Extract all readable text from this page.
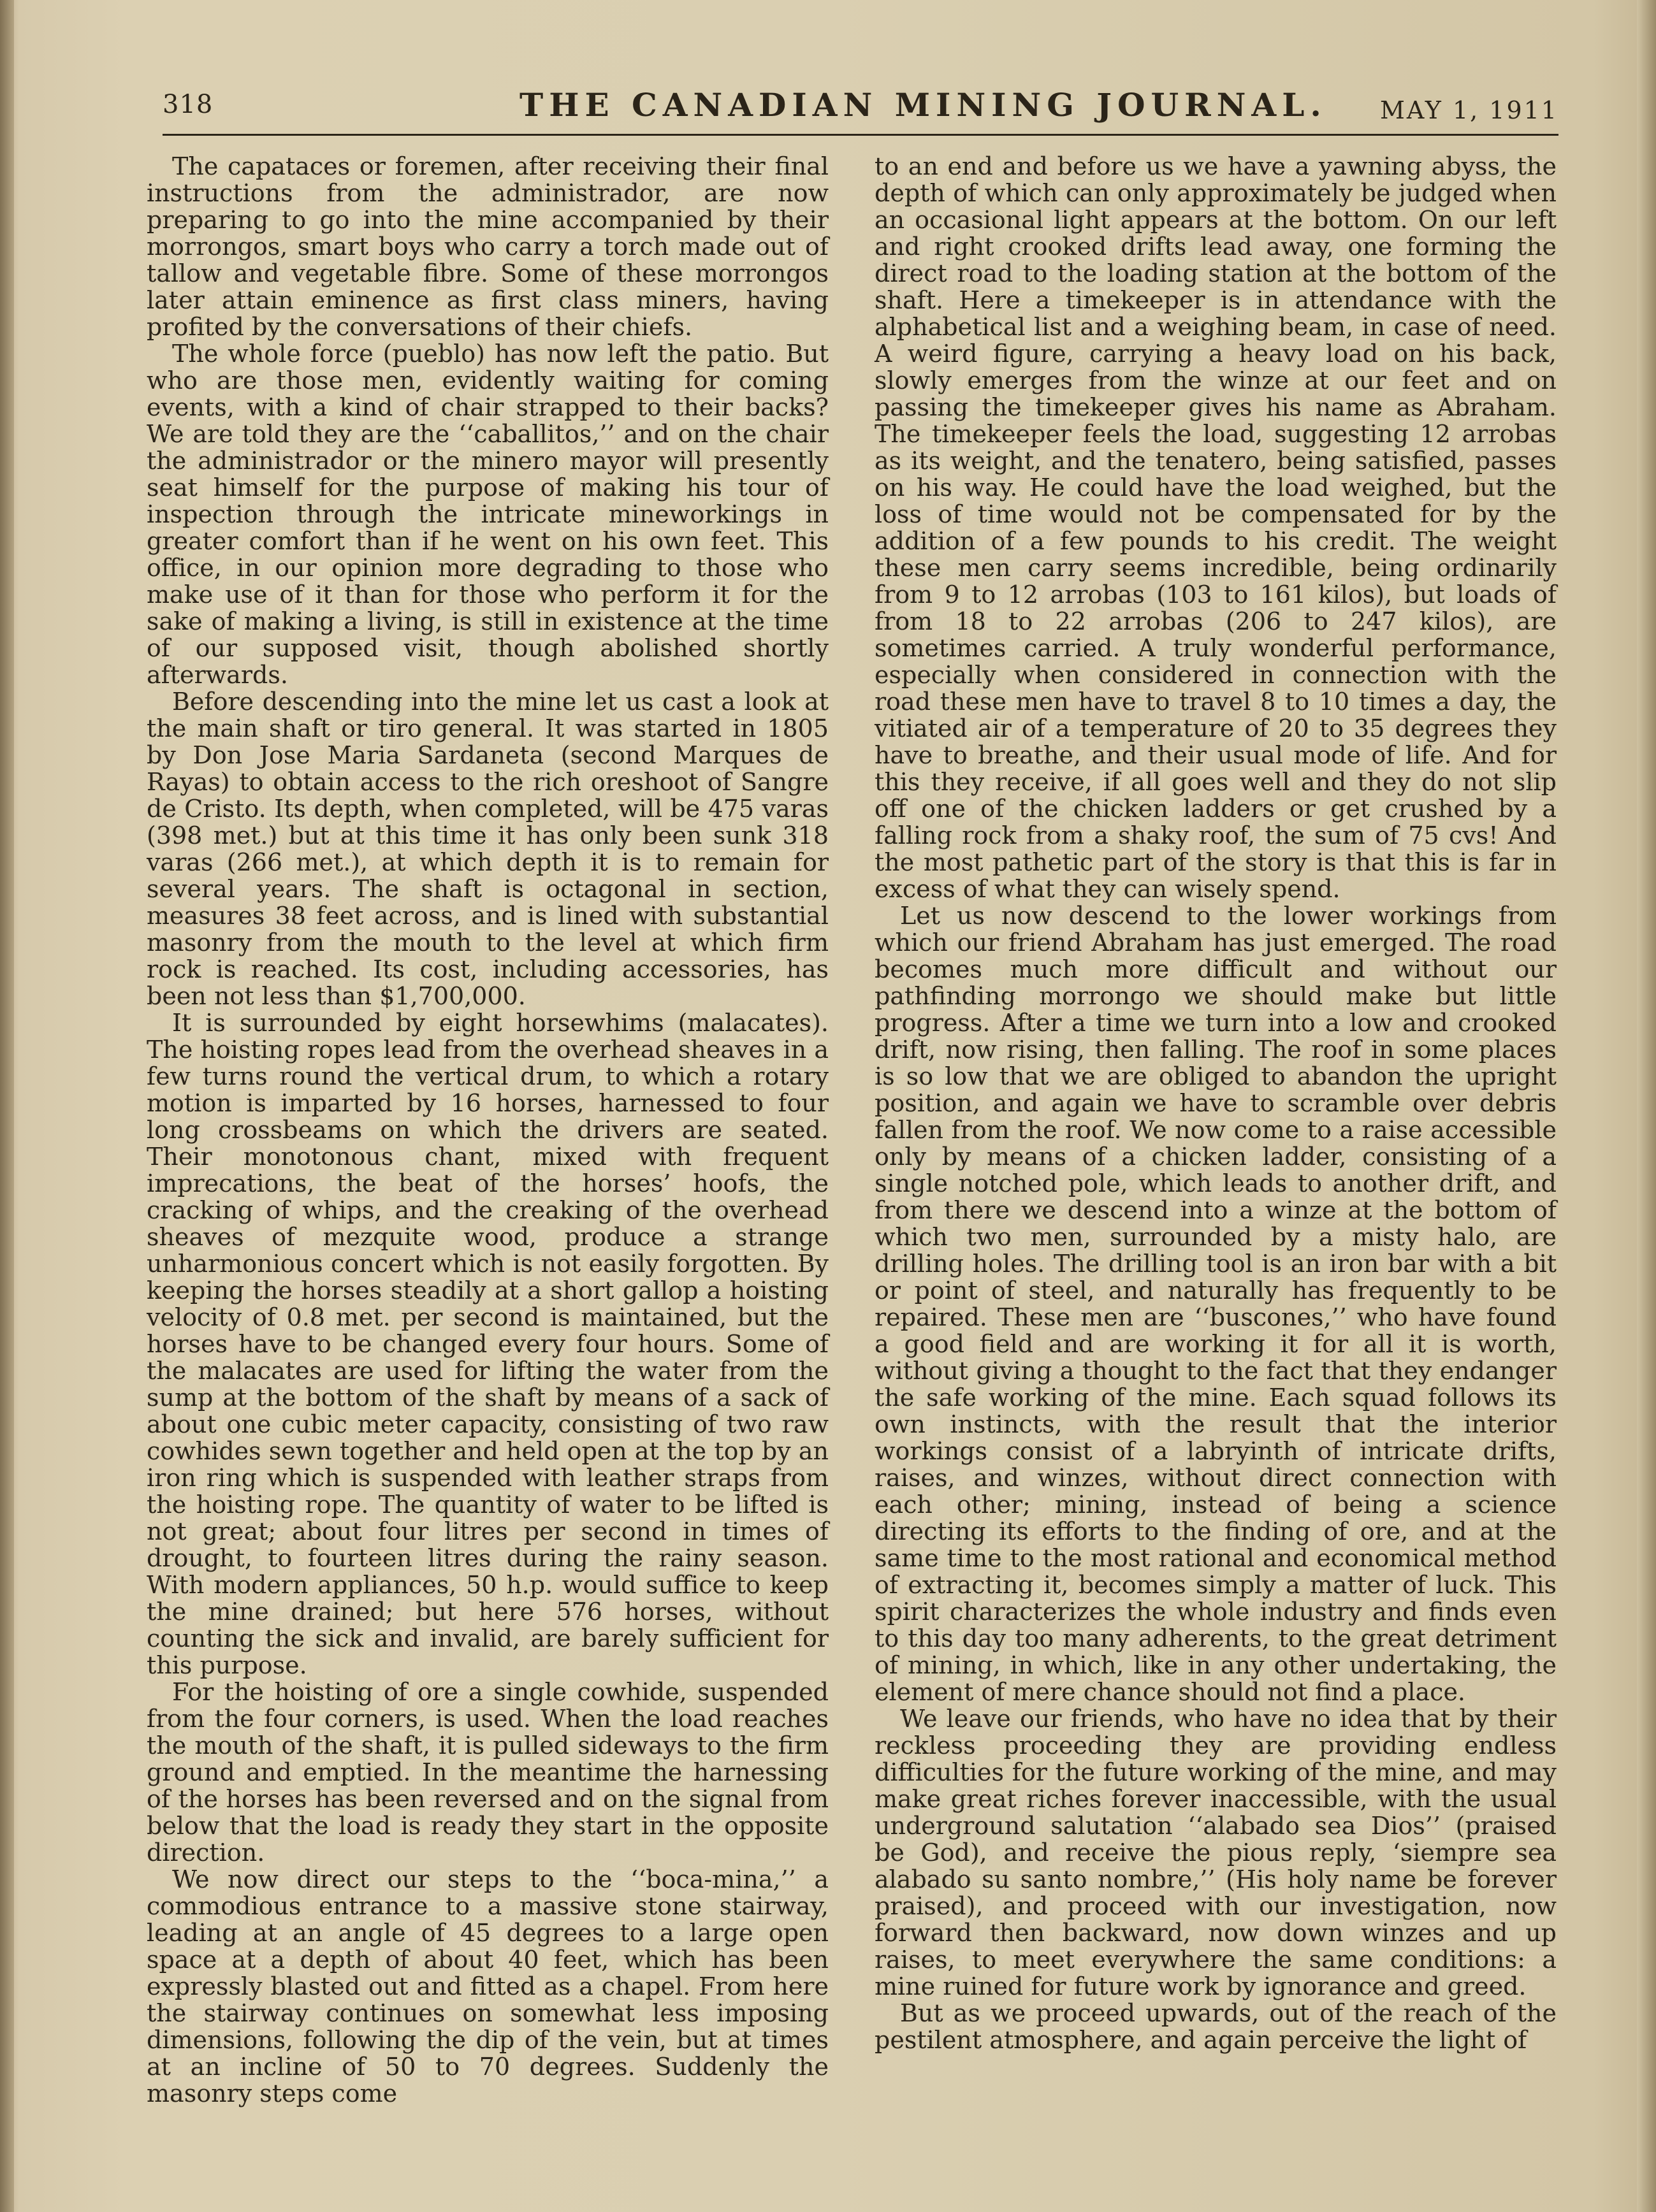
318	THE CANADIAN MINING JOURNAL. MAY 1, 1911

The capataces or foremen, after receiving their final instructions from the administrador, are now preparing to go into the mine accompanied by their morrongos, smart boys who carry a torch made out of tallow and vegetable fibre. Some of these morrongos later attain eminence as first class miners, having profited by the conversations of their chiefs.

The whole force (pueblo) has now left the patio. But who are those men, evidently waiting for coming events, with a kind of chair strapped to their backs? We are told they are the ‘‘caballitos,’’ and on the chair the administrador or the minero mayor will presently seat himself for the purpose of making his tour of inspection through the intricate mineworkings in greater comfort than if he went on his own feet. This office, in our opinion more degrading to those who make use of it than for those who perform it for the sake of making a living, is still in existence at the time of our supposed visit, though abolished shortly afterwards.

Before descending into the mine let us cast a look at the main shaft or tiro general. It was started in 1805 by Don Jose Maria Sardaneta (second Marques de Rayas) to obtain access to the rich oreshoot of Sangre de Cristo. Its depth, when completed, will be 475 varas (398 met.) but at this time it has only been sunk 318 varas (266 met.), at which depth it is to remain for several years. The shaft is octagonal in section, measures 38 feet across, and is lined with substantial masonry from the mouth to the level at which firm rock is reached. Its cost, including accessories, has been not less than $1,700,000.

It is surrounded by eight horsewhims (malacates). The hoisting ropes lead from the overhead sheaves in a few turns round the vertical drum, to which a rotary motion is imparted by 16 horses, harnessed to four long crossbeams on which the drivers are seated. Their monotonous chant, mixed with frequent imprecations, the beat of the horses’ hoofs, the cracking of whips, and the creaking of the overhead sheaves of mezquite wood, produce a strange unharmonious concert which is not easily forgotten. By keeping the horses steadily at a short gallop a hoisting velocity of 0.8 met. per second is maintained, but the horses have to be changed every four hours. Some of the malacates are used for lifting the water from the sump at the bottom of the shaft by means of a sack of about one cubic meter capacity, consisting of two raw cowhides sewn together and held open at the top by an iron ring which is suspended with leather straps from the hoisting rope. The quantity of water to be lifted is not great; about four litres per second in times of drought, to fourteen litres during the rainy season. With modern appliances, 50 h.p. would suffice to keep the mine drained; but here 576 horses, without counting the sick and invalid, are barely sufficient for this purpose.

For the hoisting of ore a single cowhide, suspended from the four corners, is used. When the load reaches the mouth of the shaft, it is pulled sideways to the firm ground and emptied. In the meantime the harnessing of the horses has been reversed and on the signal from below that the load is ready they start in the opposite direction.

We now direct our steps to the ‘‘boca-mina,’’ a commodious entrance to a massive stone stairway, leading at an angle of 45 degrees to a large open space at a depth of about 40 feet, which has been expressly blasted out and fitted as a chapel. From here the stairway continues on somewhat less imposing dimensions, following the dip of the vein, but at times at an incline of 50 to 70 degrees. Suddenly the masonry steps come

to an end and before us we have a yawning abyss, the depth of which can only approximately be judged when an occasional light appears at the bottom. On our left and right crooked drifts lead away, one forming the direct road to the loading station at the bottom of the shaft. Here a timekeeper is in attendance with the alphabetical list and a weighing beam, in case of need. A weird figure, carrying a heavy load on his back, slowly emerges from the winze at our feet and on passing the timekeeper gives his name as Abraham. The timekeeper feels the load, suggesting 12 arrobas as its weight, and the tenatero, being satisfied, passes on his way. He could have the load weighed, but the loss of time would not be compensated for by the addition of a few pounds to his credit. The weight these men carry seems incredible, being ordinarily from 9 to 12 arrobas (103 to 161 kilos), but loads of from 18 to 22 arrobas (206 to 247 kilos), are sometimes carried. A truly wonderful performance, especially when considered in connection with the road these men have to travel 8 to 10 times a day, the vitiated air of a temperature of 20 to 35 degrees they have to breathe, and their usual mode of life. And for this they receive, if all goes well and they do not slip off one of the chicken ladders or get crushed by a falling rock from a shaky roof, the sum of 75 cvs! And the most pathetic part of the story is that this is far in excess of what they can wisely spend.

Let us now descend to the lower workings from which our friend Abraham has just emerged. The road becomes much more difficult and without our pathfinding morrongo we should make but little progress. After a time we turn into a low and crooked drift, now rising, then falling. The roof in some places is so low that we are obliged to abandon the upright position, and again we have to scramble over debris fallen from the roof. We now come to a raise accessible only by means of a chicken ladder, consisting of a single notched pole, which leads to another drift, and from there we descend into a winze at the bottom of which two men, surrounded by a misty halo, are drilling holes. The drilling tool is an iron bar with a bit or point of steel, and naturally has frequently to be repaired. These men are ‘‘buscones,’’ who have found a good field and are working it for all it is worth, without giving a thought to the fact that they endanger the safe working of the mine. Each squad follows its own instincts, with the result that the interior workings consist of a labryinth of intricate drifts, raises, and winzes, without direct connection with each other; mining, instead of being a science directing its efforts to the finding of ore, and at the same time to the most rational and economical method of extracting it, becomes simply a matter of luck. This spirit characterizes the whole industry and finds even to this day too many adherents, to the great detriment of mining, in which, like in any other undertaking, the element of mere chance should not find a place.

We leave our friends, who have no idea that by their reckless proceeding they are providing endless difficulties for the future working of the mine, and may make great riches forever inaccessible, with the usual underground salutation ‘‘alabado sea Dios’’ (praised be God), and receive the pious reply, ‘siempre sea alabado su santo nombre,’’ (His holy name be forever praised), and proceed with our investigation, now forward then backward, now down winzes and up raises, to meet everywhere the same conditions: a mine ruined for future work by ignorance and greed.

But as we proceed upwards, out of the reach of the pestilent atmosphere, and again perceive the light of
